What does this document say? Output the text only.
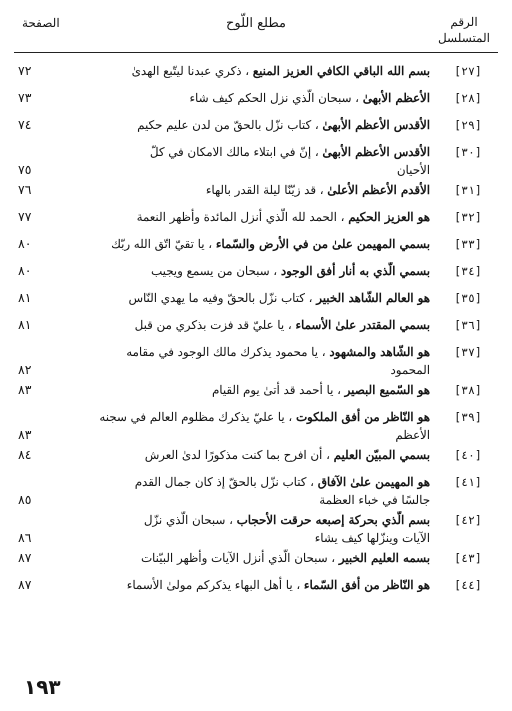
الرقم
المتسلسل
مطلع اللّوح
الصفحة
[٢٧]
بسم الله الباقي الكافي العزيز المنيع ، ذكري عبدنا ليتّبع الهدىٰ
٧٢
[٢٨]
الأعظم الأبهىٰ ، سبحان الّذي نزل الحكم كيف شاء
٧٣
[٢٩]
الأقدس الأعظم الأبهىٰ ، كتاب نزّل بالحقّ من لدن عليم حكيم
٧٤
[٣٠]
الأقدس الأعظم الأبهىٰ ، إنّ في ابتلاء مالك الامكان في كلّ
الأحيان
٧٥
[٣١]
الأقدم الأعظم الأعلىٰ ، قد زيّنّا ليلة القدر بالهاء
٧٦
[٣٢]
هو العزيز الحكيم ، الحمد لله الّذي أنزل المائدة وأظهر النعمة
٧٧
[٣٣]
بسمي المهيمن علىٰ من في الأرض والسّماء ، يا تقيّ اتّق الله ربّك
٨٠
[٣٤]
بسمي الّذي به أنار أفق الوجود ، سبحان من يسمع ويجيب
٨٠
[٣٥]
هو العالم الشّاهد الخبير ، كتاب نزّل بالحقّ وفيه ما يهدي النّاس
٨١
[٣٦]
بسمي المقتدر علىٰ الأسماء ، يا عليّ قد فزت بذكري من قبل
٨١
[٣٧]
هو الشّاهد والمشهود ، يا محمود يذكرك مالك الوجود في مقامه
المحمود
٨٢
[٣٨]
هو السّميع البصير ، يا أحمد قد أتىٰ يوم القيام
٨٣
[٣٩]
هو النّاظر من أفق الملكوت ، يا عليّ يذكرك مظلوم العالم في سجنه
الأعظم
٨٣
[٤٠]
بسمي المبيّن العليم ، أن افرح بما كنت مذكورًا لدىٰ العرش
٨٤
[٤١]
هو المهيمن علىٰ الآفاق ، كتاب نزّل بالحقّ إذ كان جمال القدم
جالسًا في خباء العظمة
٨٥
[٤٢]
بسم الّذي بحركة إصبعه حرقت الأحجاب ، سبحان الّذي نزّل
الآيات وينزّلها كيف يشاء
٨٦
[٤٣]
بسمه العليم الخبير ، سبحان الّذي أنزل الآيات وأظهر البيّنات
٨٧
[٤٤]
هو النّاظر من أفق السّماء ، يا أهل البهاء يذكركم مولىٰ الأسماء
٨٧
١٩٣
